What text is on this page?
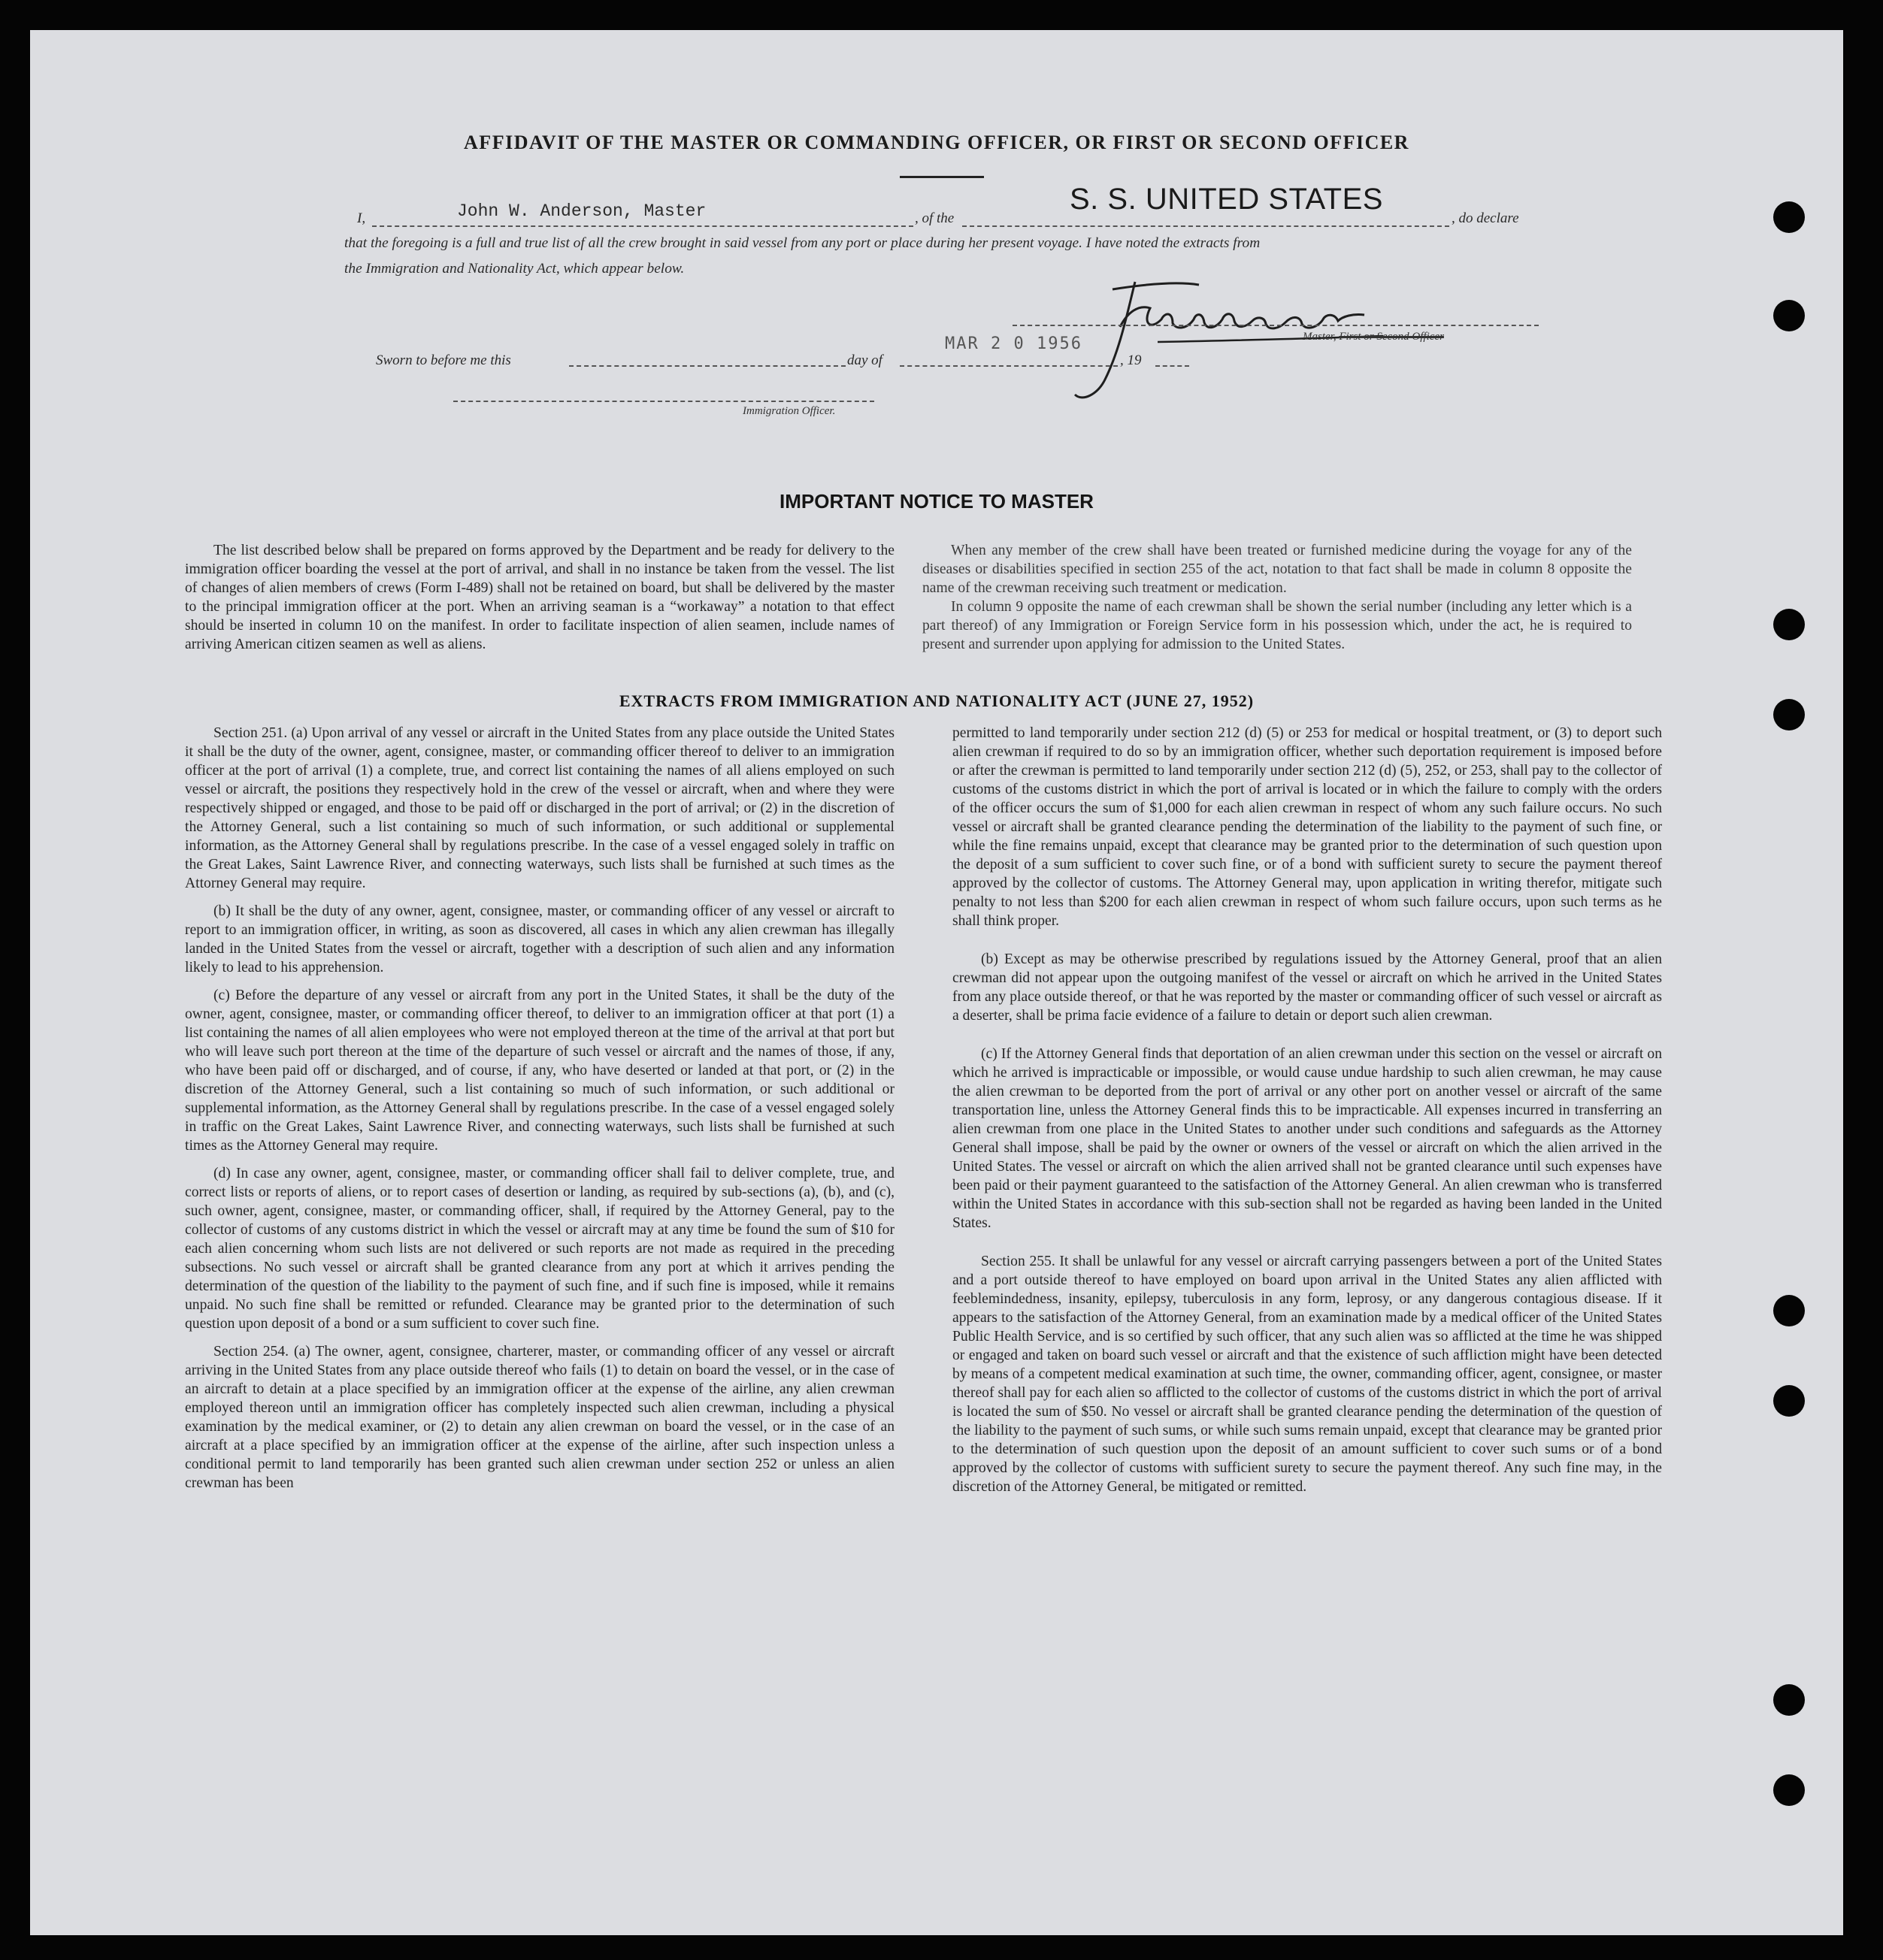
AFFIDAVIT OF THE MASTER OR COMMANDING OFFICER, OR FIRST OR SECOND OFFICER
I,	John W. Anderson, Master	, of the
S. S. UNITED STATES
, do declare
that the foregoing is a full and true list of all the crew brought in said vessel from any port or place during her present voyage. I have noted the extracts from
the Immigration and Nationality Act, which appear below.
Master, First or Second Officer
Sworn to before me this	day of
MAR 2 0 1956
, 19
Immigration Officer.
IMPORTANT NOTICE TO MASTER

The list described below shall be prepared on forms approved by the Department and be ready for delivery to the immigration officer boarding the vessel at the port of arrival, and shall in no instance be taken from the vessel. The list of changes of alien members of crews (Form I-489) shall not be retained on board, but shall be delivered by the master to the principal immigration officer at the port. When an arriving seaman is a “workaway” a notation to that effect should be inserted in column 10 on the manifest. In order to facilitate inspection of alien seamen, include names of arriving American citizen seamen as well as aliens.

When any member of the crew shall have been treated or furnished medicine during the voyage for any of the diseases or disabilities specified in section 255 of the act, notation to that fact shall be made in column 8 opposite the name of the crewman receiving such treatment or medication.

In column 9 opposite the name of each crewman shall be shown the serial number (including any letter which is a part thereof) of any Immigration or Foreign Service form in his possession which, under the act, he is required to present and surrender upon applying for admission to the United States.

EXTRACTS FROM IMMIGRATION AND NATIONALITY ACT (JUNE 27, 1952)

Section 251. (a) Upon arrival of any vessel or aircraft in the United States from any place outside the United States it shall be the duty of the owner, agent, consignee, master, or commanding officer thereof to deliver to an immigration officer at the port of arrival (1) a complete, true, and correct list containing the names of all aliens employed on such vessel or aircraft, the positions they respectively hold in the crew of the vessel or aircraft, when and where they were respectively shipped or engaged, and those to be paid off or discharged in the port of arrival; or (2) in the discretion of the Attorney General, such a list containing so much of such information, or such additional or supplemental information, as the Attorney General shall by regulations prescribe. In the case of a vessel engaged solely in traffic on the Great Lakes, Saint Lawrence River, and connecting waterways, such lists shall be furnished at such times as the Attorney General may require.

(b) It shall be the duty of any owner, agent, consignee, master, or commanding officer of any vessel or aircraft to report to an immigration officer, in writing, as soon as discovered, all cases in which any alien crewman has illegally landed in the United States from the vessel or aircraft, together with a description of such alien and any information likely to lead to his apprehension.

(c) Before the departure of any vessel or aircraft from any port in the United States, it shall be the duty of the owner, agent, consignee, master, or commanding officer thereof, to deliver to an immigration officer at that port (1) a list containing the names of all alien employees who were not employed thereon at the time of the arrival at that port but who will leave such port thereon at the time of the departure of such vessel or aircraft and the names of those, if any, who have been paid off or discharged, and of course, if any, who have deserted or landed at that port, or (2) in the discretion of the Attorney General, such a list containing so much of such information, or such additional or supplemental information, as the Attorney General shall by regulations prescribe. In the case of a vessel engaged solely in traffic on the Great Lakes, Saint Lawrence River, and connecting waterways, such lists shall be furnished at such times as the Attorney General may require.

(d) In case any owner, agent, consignee, master, or commanding officer shall fail to deliver complete, true, and correct lists or reports of aliens, or to report cases of desertion or landing, as required by sub-sections (a), (b), and (c), such owner, agent, consignee, master, or commanding officer, shall, if required by the Attorney General, pay to the collector of customs of any customs district in which the vessel or aircraft may at any time be found the sum of $10 for each alien concerning whom such lists are not delivered or such reports are not made as required in the preceding subsections. No such vessel or aircraft shall be granted clearance from any port at which it arrives pending the determination of the question of the liability to the payment of such fine, and if such fine is imposed, while it remains unpaid. No such fine shall be remitted or refunded. Clearance may be granted prior to the determination of such question upon deposit of a bond or a sum sufficient to cover such fine.

Section 254. (a) The owner, agent, consignee, charterer, master, or commanding officer of any vessel or aircraft arriving in the United States from any place outside thereof who fails (1) to detain on board the vessel, or in the case of an aircraft to detain at a place specified by an immigration officer at the expense of the airline, any alien crewman employed thereon until an immigration officer has completely inspected such alien crewman, including a physical examination by the medical examiner, or (2) to detain any alien crewman on board the vessel, or in the case of an aircraft at a place specified by an immigration officer at the expense of the airline, after such inspection unless a conditional permit to land temporarily has been granted such alien crewman under section 252 or unless an alien crewman has been

permitted to land temporarily under section 212 (d) (5) or 253 for medical or hospital treatment, or (3) to deport such alien crewman if required to do so by an immigration officer, whether such deportation requirement is imposed before or after the crewman is permitted to land temporarily under section 212 (d) (5), 252, or 253, shall pay to the collector of customs of the customs district in which the port of arrival is located or in which the failure to comply with the orders of the officer occurs the sum of $1,000 for each alien crewman in respect of whom any such failure occurs. No such vessel or aircraft shall be granted clearance pending the determination of the liability to the payment of such fine, or while the fine remains unpaid, except that clearance may be granted prior to the determination of such question upon the deposit of a sum sufficient to cover such fine, or of a bond with sufficient surety to secure the payment thereof approved by the collector of customs. The Attorney General may, upon application in writing therefor, mitigate such penalty to not less than $200 for each alien crewman in respect of whom such failure occurs, upon such terms as he shall think proper.

(b) Except as may be otherwise prescribed by regulations issued by the Attorney General, proof that an alien crewman did not appear upon the outgoing manifest of the vessel or aircraft on which he arrived in the United States from any place outside thereof, or that he was reported by the master or commanding officer of such vessel or aircraft as a deserter, shall be prima facie evidence of a failure to detain or deport such alien crewman.

(c) If the Attorney General finds that deportation of an alien crewman under this section on the vessel or aircraft on which he arrived is impracticable or impossible, or would cause undue hardship to such alien crewman, he may cause the alien crewman to be deported from the port of arrival or any other port on another vessel or aircraft of the same transportation line, unless the Attorney General finds this to be impracticable. All expenses incurred in transferring an alien crewman from one place in the United States to another under such conditions and safeguards as the Attorney General shall impose, shall be paid by the owner or owners of the vessel or aircraft on which the alien arrived in the United States. The vessel or aircraft on which the alien arrived shall not be granted clearance until such expenses have been paid or their payment guaranteed to the satisfaction of the Attorney General. An alien crewman who is transferred within the United States in accordance with this sub-section shall not be regarded as having been landed in the United States.

Section 255. It shall be unlawful for any vessel or aircraft carrying passengers between a port of the United States and a port outside thereof to have employed on board upon arrival in the United States any alien afflicted with feeblemindedness, insanity, epilepsy, tuberculosis in any form, leprosy, or any dangerous contagious disease. If it appears to the satisfaction of the Attorney General, from an examination made by a medical officer of the United States Public Health Service, and is so certified by such officer, that any such alien was so afflicted at the time he was shipped or engaged and taken on board such vessel or aircraft and that the existence of such affliction might have been detected by means of a competent medical examination at such time, the owner, commanding officer, agent, consignee, or master thereof shall pay for each alien so afflicted to the collector of customs of the customs district in which the port of arrival is located the sum of $50. No vessel or aircraft shall be granted clearance pending the determination of the question of the liability to the payment of such sums, or while such sums remain unpaid, except that clearance may be granted prior to the determination of such question upon the deposit of an amount sufficient to cover such sums or of a bond approved by the collector of customs with sufficient surety to secure the payment thereof. Any such fine may, in the discretion of the Attorney General, be mitigated or remitted.
